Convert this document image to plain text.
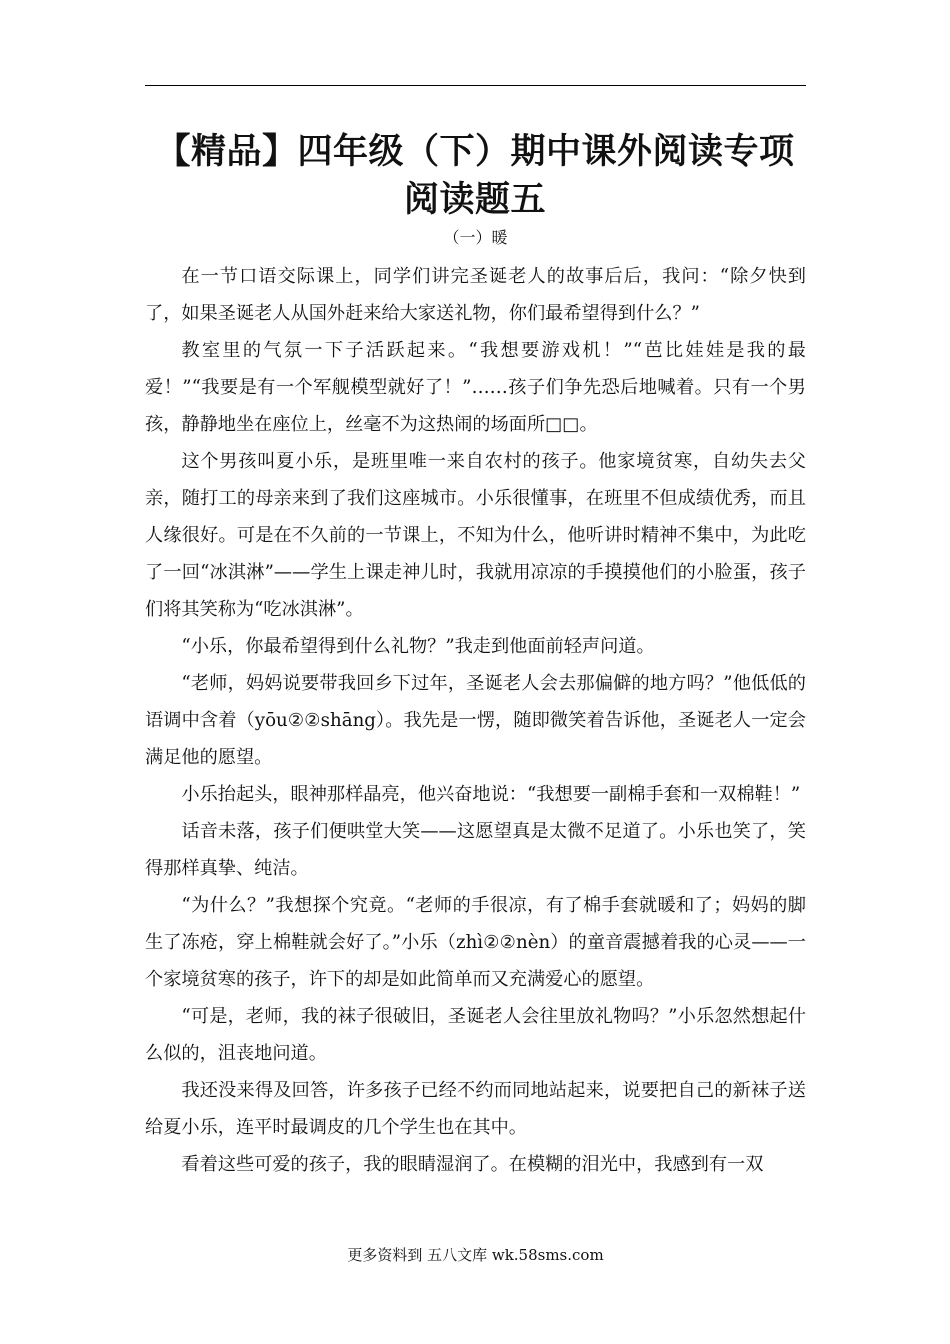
【精品】四年级（下）期中课外阅读专项
阅读题五
（一）暖

在一节口语交际课上，同学们讲完圣诞老人的故事后后，我问：“除夕快到了，如果圣诞老人从国外赶来给大家送礼物，你们最希望得到什么？”

教室里的气氛一下子活跃起来。“我想要游戏机！”“芭比娃娃是我的最爱！”“我要是有一个军舰模型就好了！”……孩子们争先恐后地喊着。只有一个男孩，静静地坐在座位上，丝毫不为这热闹的场面所□□。

这个男孩叫夏小乐，是班里唯一来自农村的孩子。他家境贫寒，自幼失去父亲，随打工的母亲来到了我们这座城市。小乐很懂事，在班里不但成绩优秀，而且人缘很好。可是在不久前的一节课上，不知为什么，他听讲时精神不集中，为此吃了一回“冰淇淋”——学生上课走神儿时，我就用凉凉的手摸摸他们的小脸蛋，孩子们将其笑称为“吃冰淇淋”。

“小乐，你最希望得到什么礼物？”我走到他面前轻声问道。

“老师，妈妈说要带我回乡下过年，圣诞老人会去那偏僻的地方吗？”他低低的语调中含着（yōu②②shāng）。我先是一愣，随即微笑着告诉他，圣诞老人一定会满足他的愿望。

小乐抬起头，眼神那样晶亮，他兴奋地说：“我想要一副棉手套和一双棉鞋！”

话音未落，孩子们便哄堂大笑——这愿望真是太微不足道了。小乐也笑了，笑得那样真挚、纯洁。

“为什么？”我想探个究竟。“老师的手很凉，有了棉手套就暖和了；妈妈的脚生了冻疮，穿上棉鞋就会好了。”小乐（zhì②②nèn）的童音震撼着我的心灵——一个家境贫寒的孩子，许下的却是如此简单而又充满爱心的愿望。

“可是，老师，我的袜子很破旧，圣诞老人会往里放礼物吗？”小乐忽然想起什么似的，沮丧地问道。

我还没来得及回答，许多孩子已经不约而同地站起来，说要把自己的新袜子送给夏小乐，连平时最调皮的几个学生也在其中。

看着这些可爱的孩子，我的眼睛湿润了。在模糊的泪光中，我感到有一双

更多资料到 五八文库 wk.58sms.com
